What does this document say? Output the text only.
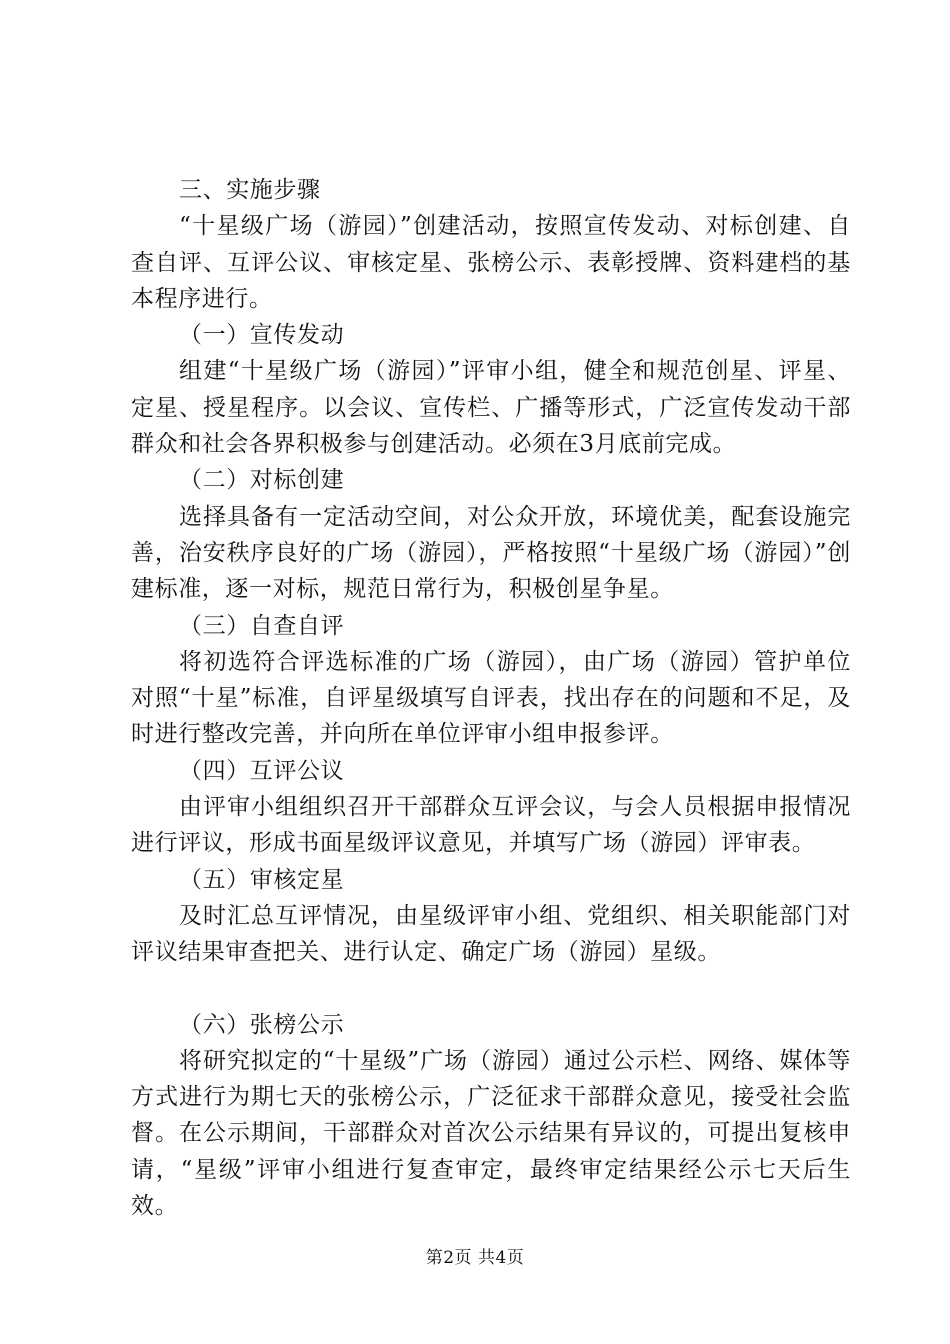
三、实施步骤

“十星级广场（游园）”创建活动，按照宣传发动、对标创建、自查自评、互评公议、审核定星、张榜公示、表彰授牌、资料建档的基本程序进行。

（一）宣传发动

组建“十星级广场（游园）”评审小组，健全和规范创星、评星、定星、授星程序。以会议、宣传栏、广播等形式，广泛宣传发动干部群众和社会各界积极参与创建活动。必须在3月底前完成。

（二）对标创建

选择具备有一定活动空间，对公众开放，环境优美，配套设施完善，治安秩序良好的广场（游园），严格按照“十星级广场（游园）”创建标准，逐一对标，规范日常行为，积极创星争星。

（三）自查自评

将初选符合评选标准的广场（游园），由广场（游园）管护单位对照“十星”标准，自评星级填写自评表，找出存在的问题和不足，及时进行整改完善，并向所在单位评审小组申报参评。

（四）互评公议

由评审小组组织召开干部群众互评会议，与会人员根据申报情况进行评议，形成书面星级评议意见，并填写广场（游园）评审表。

（五）审核定星

及时汇总互评情况，由星级评审小组、党组织、相关职能部门对评议结果审查把关、进行认定、确定广场（游园）星级。

（六）张榜公示

将研究拟定的“十星级”广场（游园）通过公示栏、网络、媒体等方式进行为期七天的张榜公示，广泛征求干部群众意见，接受社会监督。在公示期间，干部群众对首次公示结果有异议的，可提出复核申请，“星级”评审小组进行复查审定，最终审定结果经公示七天后生效。

第2页 共4页
